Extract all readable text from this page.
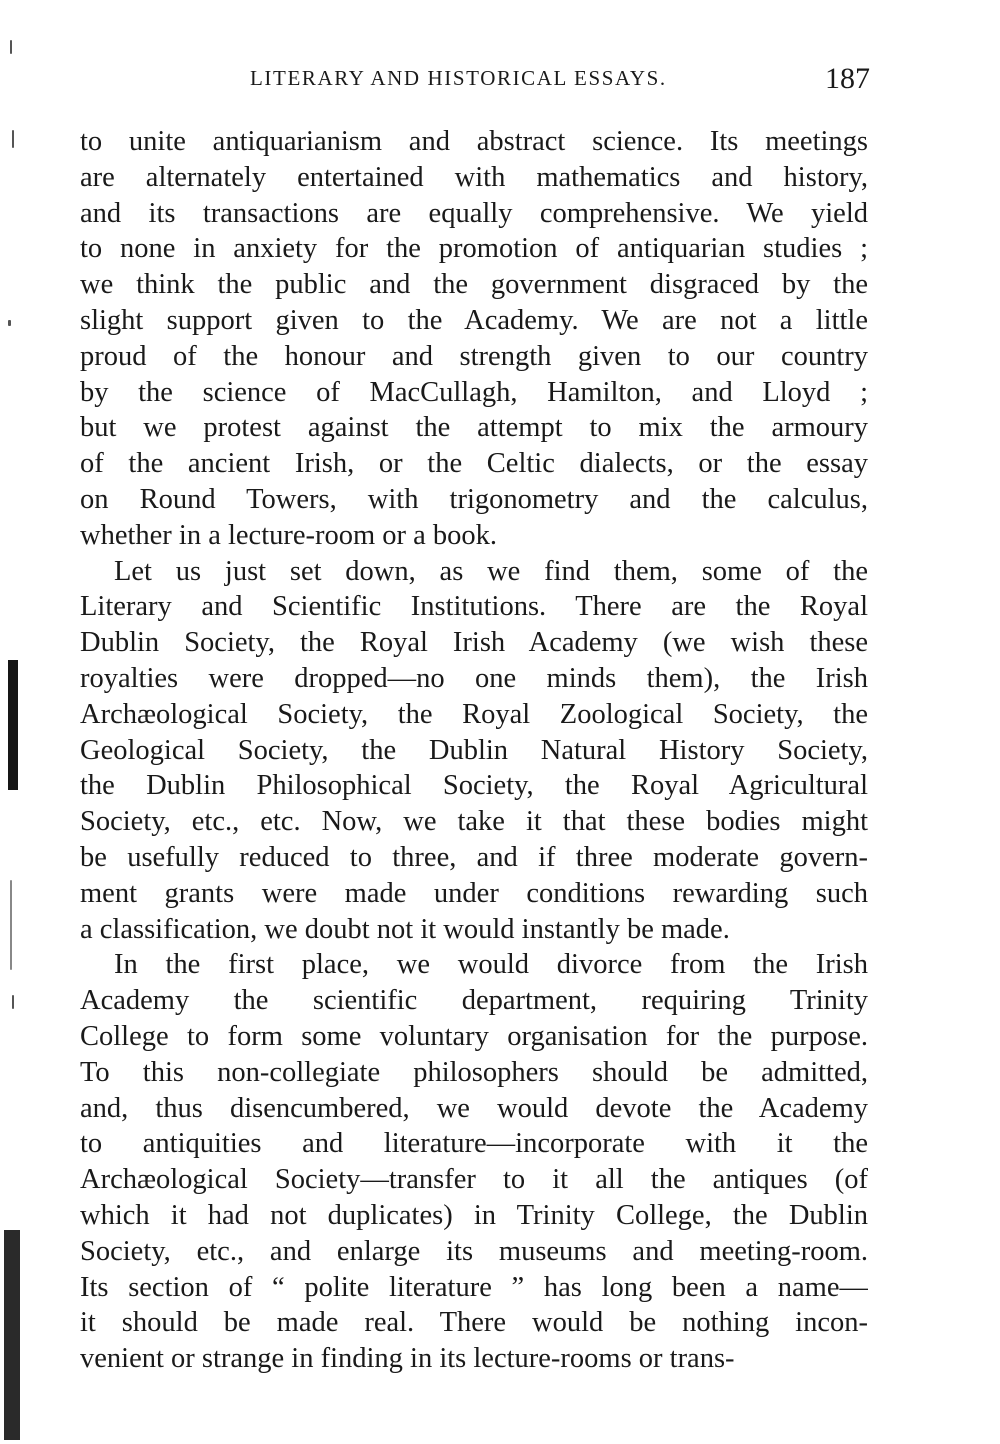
LITERARY AND HISTORICAL ESSAYS.	187
to unite antiquarianism and abstract science. Its meetings
are alternately entertained with mathematics and history,
and its transactions are equally comprehensive. We yield
to none in anxiety for the promotion of antiquarian studies ;
we think the public and the government disgraced by the
slight support given to the Academy. We are not a little
proud of the honour and strength given to our country
by the science of MacCullagh, Hamilton, and Lloyd ;
but we protest against the attempt to mix the armoury
of the ancient Irish, or the Celtic dialects, or the essay
on Round Towers, with trigonometry and the calculus,
whether in a lecture-room or a book.
Let us just set down, as we find them, some of the
Literary and Scientific Institutions. There are the Royal
Dublin Society, the Royal Irish Academy (we wish these
royalties were dropped—no one minds them), the Irish
Archæological Society, the Royal Zoological Society, the
Geological Society, the Dublin Natural History Society,
the Dublin Philosophical Society, the Royal Agricultural
Society, etc., etc. Now, we take it that these bodies might
be usefully reduced to three, and if three moderate govern-
ment grants were made under conditions rewarding such
a classification, we doubt not it would instantly be made.
In the first place, we would divorce from the Irish
Academy the scientific department, requiring Trinity
College to form some voluntary organisation for the purpose.
To this non-collegiate philosophers should be admitted,
and, thus disencumbered, we would devote the Academy
to antiquities and literature—incorporate with it the
Archæological Society—transfer to it all the antiques (of
which it had not duplicates) in Trinity College, the Dublin
Society, etc., and enlarge its museums and meeting-room.
Its section of “ polite literature ” has long been a name—
it should be made real. There would be nothing incon-
venient or strange in finding in its lecture-rooms or trans-
